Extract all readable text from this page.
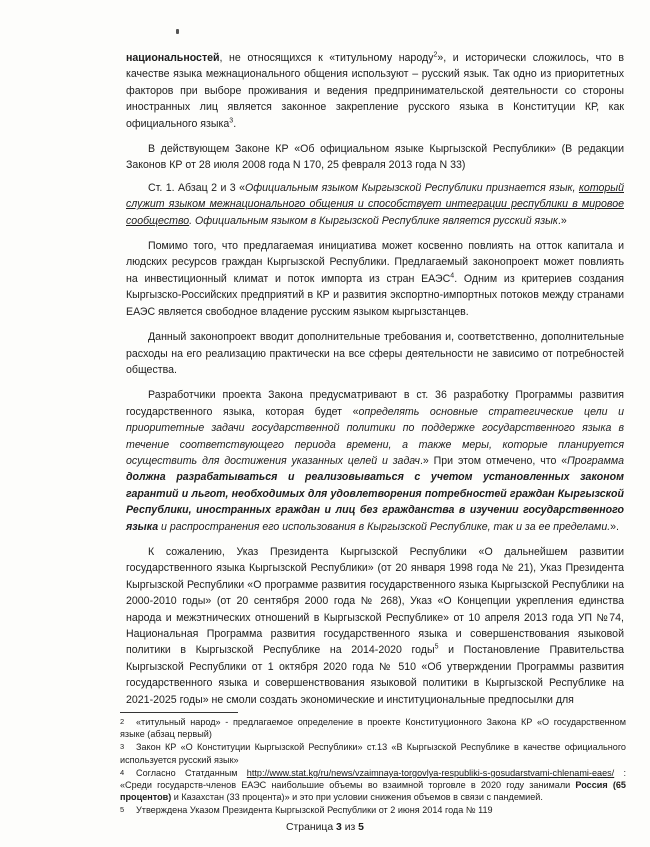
национальностей, не относящихся к «титульному народу$^2$», и исторически сложилось, что в качестве языка межнационального общения используют – русский язык. Так одно из приоритетных факторов при выборе проживания и ведения предпринимательской деятельности со стороны иностранных лиц является законное закрепление русского языка в Конституции КР, как официального языка$^3$.

В действующем Законе КР «Об официальном языке Кыргызской Республики» (В редакции Законов КР от 28 июля 2008 года N 170, 25 февраля 2013 года N 33)

Ст. 1. Абзац 2 и 3 «Официальным языком Кыргызской Республики признается язык, который служит языком межнационального общения и способствует интеграции республики в мировое сообщество. Официальным языком в Кыргызской Республике является русский язык.»

Помимо того, что предлагаемая инициатива может косвенно повлиять на отток капитала и людских ресурсов граждан Кыргызской Республики. Предлагаемый законопроект может повлиять на инвестиционный климат и поток импорта из стран ЕАЭС$^4$. Одним из критериев создания Кыргызско-Российских предприятий в КР и развития экспортно-импортных потоков между странами ЕАЭС является свободное владение русским языком кыргызстанцев.

Данный законопроект вводит дополнительные требования и, соответственно, дополнительные расходы на его реализацию практически на все сферы деятельности не зависимо от потребностей общества.

Разработчики проекта Закона предусматривают в ст. 36 разработку Программы развития государственного языка, которая будет «определять основные стратегические цели и приоритетные задачи государственной политики по поддержке государственного языка в течение соответствующего периода времени, а также меры, которые планируется осуществить для достижения указанных целей и задач.» При этом отмечено, что «Программа должна разрабатываться и реализовываться с учетом установленных законом гарантий и льгот, необходимых для удовлетворения потребностей граждан Кыргызской Республики, иностранных граждан и лиц без гражданства в изучении государственного языка и распространения его использования в Кыргызской Республике, так и за ее пределами.».

К сожалению, Указ Президента Кыргызской Республики «О дальнейшем развитии государственного языка Кыргызской Республики» (от 20 января 1998 года № 21), Указ Президента Кыргызской Республики «О программе развития государственного языка Кыргызской Республики на 2000-2010 годы» (от 20 сентября 2000 года № 268), Указ «О Концепции укрепления единства народа и межэтнических отношений в Кыргызской Республике» от 10 апреля 2013 года УП №74, Национальная Программа развития государственного языка и совершенствования языковой политики в Кыргызской Республике на 2014-2020 годы$^5$ и Постановление Правительства Кыргызской Республики от 1 октября 2020 года № 510 «Об утверждении Программы развития государственного языка и совершенствования языковой политики в Кыргызской Республике на 2021-2025 годы» не смоли создать экономические и институциональные предпосылки для

2 «титульный народ» - предлагаемое определение в проекте Конституционного Закона КР «О государственном языке (абзац первый)

3 Закон КР «О Конституции Кыргызской Республики» ст.13 «В Кыргызской Республике в качестве официального используется русский язык»

4 Согласно Статданным http://www.stat.kg/ru/news/vzaimnaya-torgovlya-respubliki-s-gosudarstvami-chlenami-eaes/ : «Среди государств-членов ЕАЭС наибольшие объемы во взаимной торговле в 2020 году занимали Россия (65 процентов) и Казахстан (33 процента)» и это при условии снижения объемов в связи с пандемией.

5 Утверждена Указом Президента Кыргызской Республики от 2 июня 2014 года № 119

Страница 3 из 5
